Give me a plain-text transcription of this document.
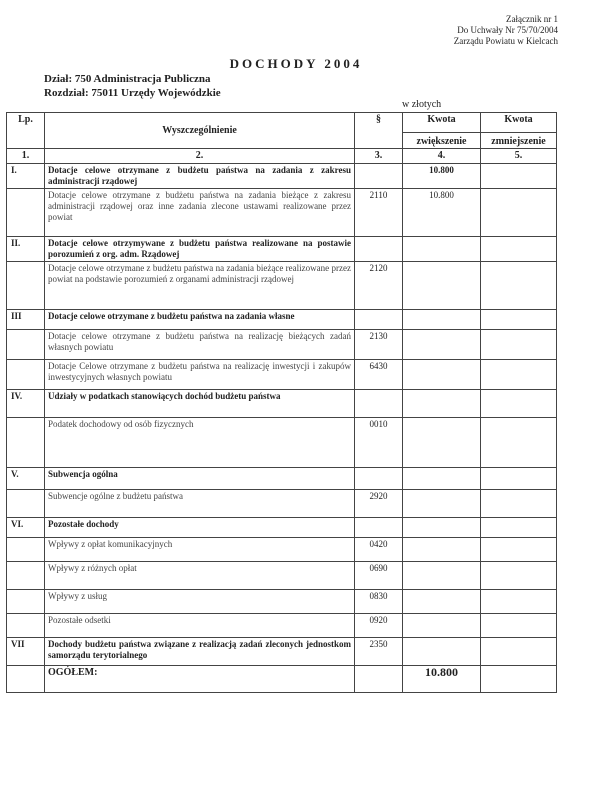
Załącznik nr 1
Do Uchwały Nr 75/70/2004
Zarządu Powiatu w Kielcach
DOCHODY 2004
Dział: 750 Administracja Publiczna
Rozdział: 75011 Urzędy Wojewódzkie
w złotych
Lp.	Wyszczególnienie	§	Kwota	Kwota
			zwiększenie	zmniejszenie
1.	2.	3.	4.	5.
I.	Dotacje celowe otrzymane z budżetu państwa na zadania z zakresu administracji rządowej		10.800	
	Dotacje celowe otrzymane z budżetu państwa na zadania bieżące z zakresu administracji rządowej oraz inne zadania zlecone ustawami realizowane przez powiat	2110	10.800	
II.	Dotacje celowe otrzymywane z budżetu państwa realizowane na postawie porozumień z org. adm. Rządowej			
	Dotacje celowe otrzymane z budżetu państwa na zadania bieżące realizowane przez powiat na podstawie porozumień z organami administracji rządowej	2120		
III	Dotacje celowe otrzymane z budżetu państwa na zadania własne			
	Dotacje celowe otrzymane z budżetu państwa na realizację bieżących zadań własnych powiatu	2130		
	Dotacje Celowe otrzymane z budżetu państwa na realizację inwestycji i zakupów inwestycyjnych własnych powiatu	6430		
IV.	Udziały w podatkach stanowiących dochód budżetu państwa			
	Podatek dochodowy od osób fizycznych	0010		
V.	Subwencja ogólna			
	Subwencje ogólne z budżetu państwa	2920		
VI.	Pozostałe dochody			
	Wpływy z opłat komunikacyjnych	0420		
	Wpływy z różnych opłat	0690		
	Wpływy z usług	0830		
	Pozostałe odsetki	0920		
VII	Dochody budżetu państwa związane z realizacją zadań zleconych jednostkom samorządu terytorialnego	2350		
	OGÓŁEM:		10.800	
